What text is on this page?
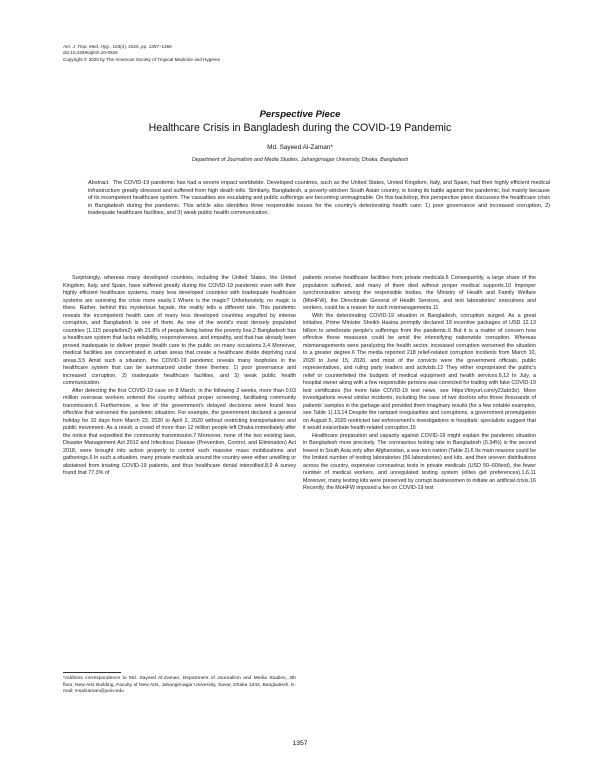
Am. J. Trop. Med. Hyg., 103(4), 2020, pp. 1357–1359
doi:10.4269/ajtmh.20-0826
Copyright © 2020 by The American Society of Tropical Medicine and Hygiene
Perspective Piece
Healthcare Crisis in Bangladesh during the COVID-19 Pandemic
Md. Sayeed Al-Zaman*
Department of Journalism and Media Studies, Jahangirnagar University, Dhaka, Bangladesh
Abstract. The COVID-19 pandemic has had a severe impact worldwide. Developed countries, such as the United States, United Kingdom, Italy, and Spain, had their highly efficient medical infrastructure greatly stressed and suffered from high death tolls. Similarly, Bangladesh, a poverty-stricken South Asian country, is losing its battle against the pandemic, but mainly because of its incompetent healthcare system. The casualties are escalating and public sufferings are becoming unimaginable. On this backdrop, this perspective piece discusses the healthcare crisis in Bangladesh during the pandemic. This article also identifies three responsible issues for the country's deteriorating health care: 1) poor governance and increased corruption, 2) inadequate healthcare facilities, and 3) weak public health communication.

Surprisingly, whereas many developed countries, including the United States, the United Kingdom, Italy, and Spain, have suffered greatly during the COVID-19 pandemic even with their highly efficient healthcare systems, many less developed countries with inadequate healthcare systems are surviving the crisis more easily.1 Where is the magic? Unfortunately, no magic is there. Rather, behind this mysterious façade, the reality tells a different tale. This pandemic reveals the incompetent health care of many less developed countries engulfed by intense corruption, and Bangladesh is one of them. As one of the world's most densely populated countries (1,115 people/km2) with 21.8% of people living below the poverty line,2 Bangladesh has a healthcare system that lacks reliability, responsiveness, and empathy, and that has already been proved inadequate to deliver proper health care to the public on many occasions.3,4 Moreover, medical facilities are concentrated in urban areas that create a healthcare divide depriving rural areas.3,5 Amid such a situation, the COVID-19 pandemic reveals many loopholes in the healthcare system that can be summarized under three themes: 1) poor governance and increased corruption, 2) inadequate healthcare facilities, and 3) weak public health communication.

After detecting the first COVID-19 case on 8 March, in the following 2 weeks, more than 0.63 million overseas workers entered the country without proper screening, facilitating community transmission.6 Furthermore, a few of the government's delayed decisions were found less effective that worsened the pandemic situation. For example, the government declared a general holiday for 10 days from March 23, 2020 to April 2, 2020 without restricting transportations and public movement. As a result, a crowd of more than 12 million people left Dhaka immediately after the notice that expedited the community transmission.7 Moreover, none of the two existing laws, Disaster Management Act 2012 and Infectious Disease (Prevention, Control, and Elimination) Act 2018, were brought into action properly to control such massive mass mobilizations and gatherings.6 In such a situation, many private medicals around the country were either unwilling or abstained from treating COVID-19 patients, and thus healthcare denial intensified.8,9 A survey found that 77.3% of

patients receive healthcare facilities from private medicals.6 Consequently, a large share of the population suffered, and many of them died without proper medical supports.10 Improper synchronization among the responsible bodies, the Ministry of Health and Family Welfare (MoHFW), the Directorate General of Health Services, and test laboratories' executives and workers, could be a reason for such mismanagements.11

With the deteriorating COVID-19 situation in Bangladesh, corruption surged. As a great initiative, Prime Minister Sheikh Hasina promptly declared 19 incentive packages of USD 12.13 billion to ameliorate people's sufferings from the pandemic.6 But it is a matter of concern how effective these measures could be amid the intensifying nationwide corruption. Whereas mismanagements were paralyzing the health sector, increased corruption worsened the situation to a greater degree.6 The media reported 218 relief-related corruption incidents from March 10, 2020 to June 15, 2020, and most of the convicts were the government officials, public representatives, and ruling party leaders and activists.12 They either expropriated the public's relief or counterfeited the budgets of medical equipment and health services.6,12 In July, a hospital owner along with a few responsible persons was convicted for trading with fake COVID-19 test certificates (for more fake COVID-19 test news, see https://tinyurl.com/y23abr3o). More investigations reveal similar incidents, including the case of two doctors who threw thousands of patients' samples in the garbage and provided them imaginary results (for a few notable examples, see Table 1).13,14 Despite the rampant irregularities and corruptions, a government promulgation on August 5, 2020 restricted law enforcement's investigations in hospitals: specialists suggest that it would exacerbate health-related corruption.15

Healthcare preparation and capacity against COVID-19 might explain the pandemic situation in Bangladesh more precisely. The coronavirus testing rate in Bangladesh (0.34%) is the second lowest in South Asia only after Afghanistan, a war-torn nation (Table 2).6 Its main reasons could be the limited number of testing laboratories (56 laboratories) and kits, and their uneven distributions across the country, expensive coronavirus tests in private medicals (USD 50–60/test), the fewer number of medical workers, and unregulated testing system (elites get preferences).1,6,11 Moreover, many testing kits were preserved by corrupt businessmen to initiate an artificial crisis.16 Recently, the MoHFW imposed a fee on COVID-19 test

*Address correspondence to Md. Sayeed Al-Zaman, Department of Journalism and Media Studies, 4th floor, New Arts Building, Faculty of New Arts, Jahangirnagar University, Savar, Dhaka 1342, Bangladesh. E-mail: msalzaman@juniv.edu
1357
